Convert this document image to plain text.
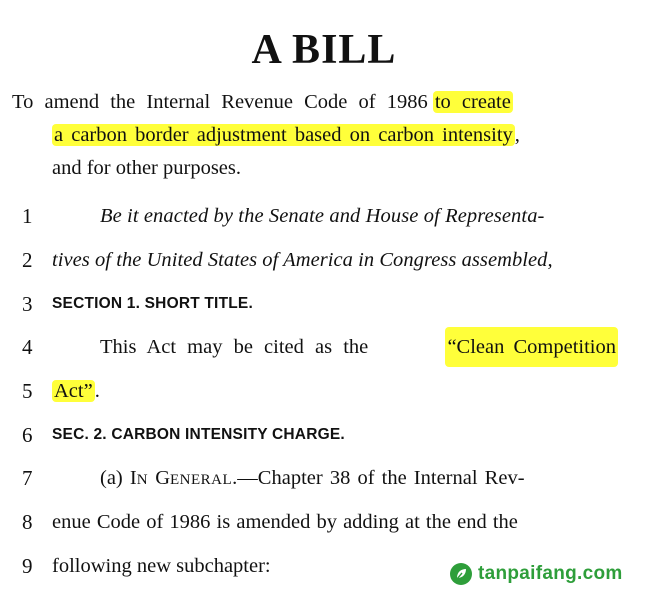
A BILL
To amend the Internal Revenue Code of 1986 to create
a carbon border adjustment based on carbon intensity,
and for other purposes.
1	Be it enacted by the Senate and House of Representa-
2 tives of the United States of America in Congress assembled,
3	SECTION 1. SHORT TITLE.
4	This Act may be cited as the	“Clean Competition
5	Act”.
6	SEC. 2. CARBON INTENSITY CHARGE.
7	(a) IN GENERAL.—Chapter 38 of the Internal Rev-
8 enue Code of 1986 is amended by adding at the end the
9 following new subchapter:	tanpaifang.com
